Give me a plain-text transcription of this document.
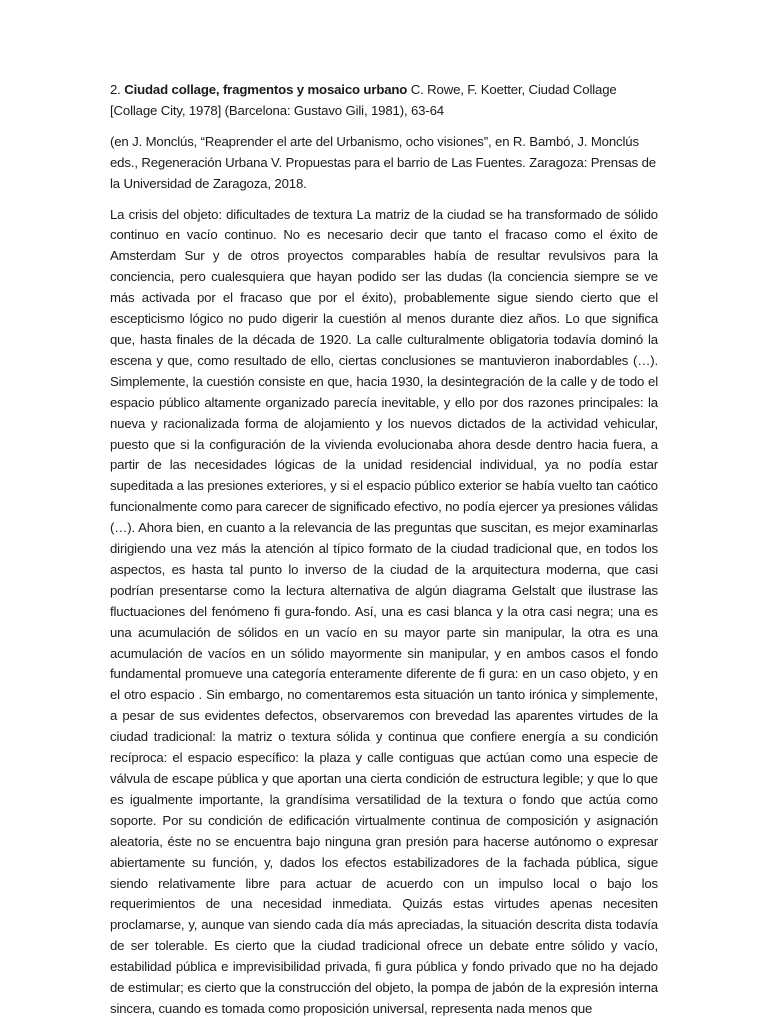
2. Ciudad collage, fragmentos y mosaico urbano C. Rowe, F. Koetter, Ciudad Collage [Collage City, 1978] (Barcelona: Gustavo Gili, 1981), 63-64

(en J. Monclús, “Reaprender el arte del Urbanismo, ocho visiones”, en R. Bambó, J. Monclús eds., Regeneración Urbana V. Propuestas para el barrio de Las Fuentes. Zaragoza: Prensas de la Universidad de Zaragoza, 2018.

La crisis del objeto: dificultades de textura La matriz de la ciudad se ha transformado de sólido continuo en vacío continuo. No es necesario decir que tanto el fracaso como el éxito de Amsterdam Sur y de otros proyectos comparables había de resultar revulsivos para la conciencia, pero cualesquiera que hayan podido ser las dudas (la conciencia siempre se ve más activada por el fracaso que por el éxito), probablemente sigue siendo cierto que el escepticismo lógico no pudo digerir la cuestión al menos durante diez años. Lo que significa que, hasta finales de la década de 1920. La calle culturalmente obligatoria todavía dominó la escena y que, como resultado de ello, ciertas conclusiones se mantuvieron inabordables (…). Simplemente, la cuestión consiste en que, hacia 1930, la desintegración de la calle y de todo el espacio público altamente organizado parecía inevitable, y ello por dos razones principales: la nueva y racionalizada forma de alojamiento y los nuevos dictados de la actividad vehicular, puesto que si la configuración de la vivienda evolucionaba ahora desde dentro hacia fuera, a partir de las necesidades lógicas de la unidad residencial individual, ya no podía estar supeditada a las presiones exteriores, y si el espacio público exterior se había vuelto tan caótico funcionalmente como para carecer de significado efectivo, no podía ejercer ya presiones válidas (…). Ahora bien, en cuanto a la relevancia de las preguntas que suscitan, es mejor examinarlas dirigiendo una vez más la atención al típico formato de la ciudad tradicional que, en todos los aspectos, es hasta tal punto lo inverso de la ciudad de la arquitectura moderna, que casi podrían presentarse como la lectura alternativa de algún diagrama Gelstalt que ilustrase las fluctuaciones del fenómeno fi gura-fondo. Así, una es casi blanca y la otra casi negra; una es una acumulación de sólidos en un vacío en su mayor parte sin manipular, la otra es una acumulación de vacíos en un sólido mayormente sin manipular, y en ambos casos el fondo fundamental promueve una categoría enteramente diferente de fi gura: en un caso objeto, y en el otro espacio . Sin embargo, no comentaremos esta situación un tanto irónica y simplemente, a pesar de sus evidentes defectos, observaremos con brevedad las aparentes virtudes de la ciudad tradicional: la matriz o textura sólida y continua que confiere energía a su condición recíproca: el espacio específico: la plaza y calle contiguas que actúan como una especie de válvula de escape pública y que aportan una cierta condición de estructura legible; y que lo que es igualmente importante, la grandísima versatilidad de la textura o fondo que actúa como soporte. Por su condición de edificación virtualmente continua de composición y asignación aleatoria, éste no se encuentra bajo ninguna gran presión para hacerse autónomo o expresar abiertamente su función, y, dados los efectos estabilizadores de la fachada pública, sigue siendo relativamente libre para actuar de acuerdo con un impulso local o bajo los requerimientos de una necesidad inmediata. Quizás estas virtudes apenas necesiten proclamarse, y, aunque van siendo cada día más apreciadas, la situación descrita dista todavía de ser tolerable. Es cierto que la ciudad tradicional ofrece un debate entre sólido y vacío, estabilidad pública e imprevisibilidad privada, fi gura pública y fondo privado que no ha dejado de estimular; es cierto que la construcción del objeto, la pompa de jabón de la expresión interna sincera, cuando es tomada como proposición universal, representa nada menos que
